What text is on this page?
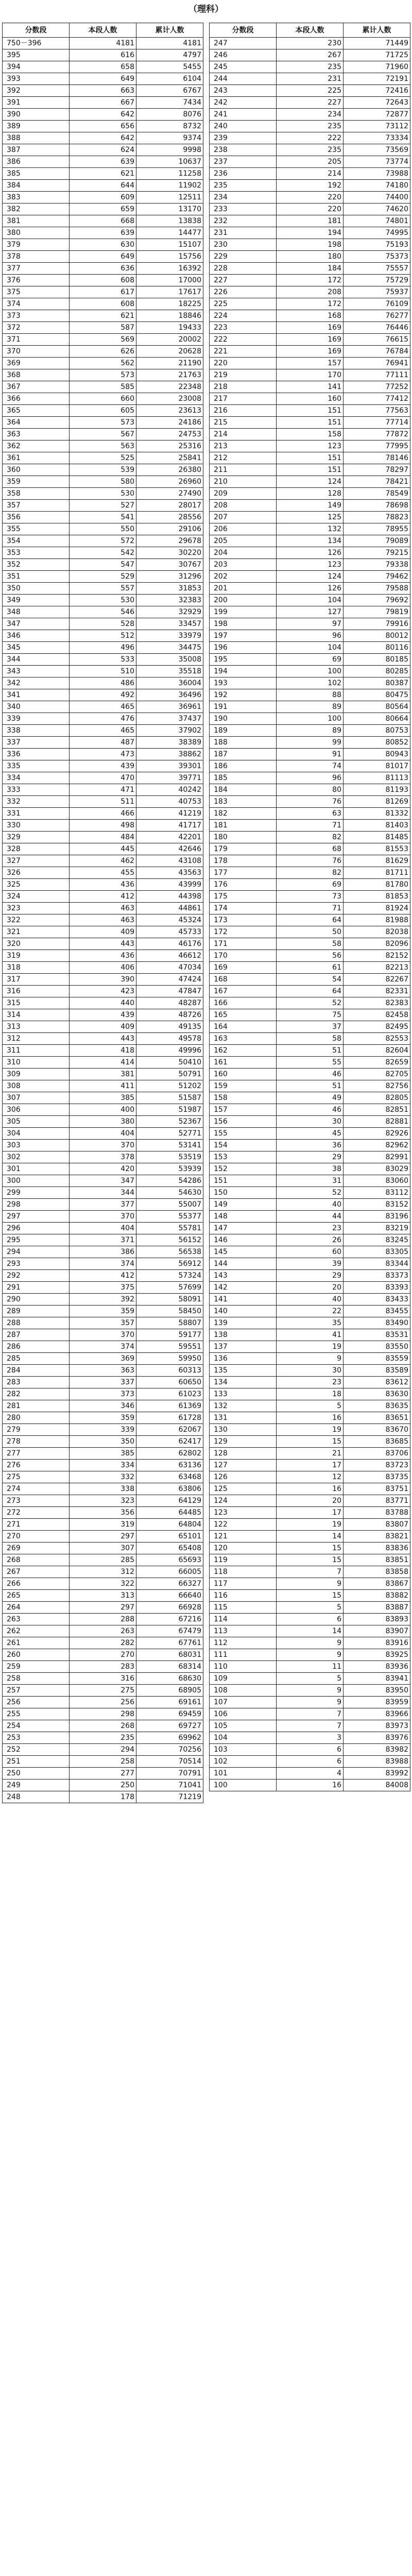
（理科）
分数段	本段人数	累计人数
750－396	4181	4181
395	616	4797
394	658	5455
393	649	6104
392	663	6767
391	667	7434
390	642	8076
389	656	8732
388	642	9374
387	624	9998
386	639	10637
385	621	11258
384	644	11902
383	609	12511
382	659	13170
381	668	13838
380	639	14477
379	630	15107
378	649	15756
377	636	16392
376	608	17000
375	617	17617
374	608	18225
373	621	18846
372	587	19433
371	569	20002
370	626	20628
369	562	21190
368	573	21763
367	585	22348
366	660	23008
365	605	23613
364	573	24186
363	567	24753
362	563	25316
361	525	25841
360	539	26380
359	580	26960
358	530	27490
357	527	28017
356	541	28556
355	550	29106
354	572	29678
353	542	30220
352	547	30767
351	529	31296
350	557	31853
349	530	32383
348	546	32929
347	528	33457
346	512	33979
345	496	34475
344	533	35008
343	510	35518
342	486	36004
341	492	36496
340	465	36961
339	476	37437
338	465	37902
337	487	38389
336	473	38862
335	439	39301
334	470	39771
333	471	40242
332	511	40753
331	466	41219
330	498	41717
329	484	42201
328	445	42646
327	462	43108
326	455	43563
325	436	43999
324	412	44398
323	463	44861
322	463	45324
321	409	45733
320	443	46176
319	436	46612
318	406	47034
317	390	47424
316	423	47847
315	440	48287
314	439	48726
313	409	49135
312	443	49578
311	418	49996
310	414	50410
309	381	50791
308	411	51202
307	385	51587
306	400	51987
305	380	52367
304	404	52771
303	370	53141
302	378	53519
301	420	53939
300	347	54286
299	344	54630
298	377	55007
297	370	55377
296	404	55781
295	371	56152
294	386	56538
293	374	56912
292	412	57324
291	375	57699
290	392	58091
289	359	58450
288	357	58807
287	370	59177
286	374	59551
285	369	59950
284	363	60313
283	337	60650
282	373	61023
281	346	61369
280	359	61728
279	339	62067
278	350	62417
277	385	62802
276	334	63136
275	332	63468
274	338	63806
273	323	64129
272	356	64485
271	319	64804
270	297	65101
269	307	65408
268	285	65693
267	312	66005
266	322	66327
265	313	66640
264	297	66928
263	288	67216
262	263	67479
261	282	67761
260	270	68031
259	283	68314
258	316	68630
257	275	68905
256	256	69161
255	298	69459
254	268	69727
253	235	69962
252	294	70256
251	258	70514
250	277	70791
249	250	71041
248	178	71219
分数段	本段人数	累计人数
247	230	71449
246	267	71725
245	235	71960
244	231	72191
243	225	72416
242	227	72643
241	234	72877
240	235	73112
239	222	73334
238	235	73569
237	205	73774
236	214	73988
235	192	74180
234	220	74400
233	220	74620
232	181	74801
231	194	74995
230	198	75193
229	180	75373
228	184	75557
227	172	75729
226	208	75937
225	172	76109
224	168	76277
223	169	76446
222	169	76615
221	169	76784
220	157	76941
219	170	77111
218	141	77252
217	160	77412
216	151	77563
215	151	77714
214	158	77872
213	123	77995
212	151	78146
211	151	78297
210	124	78421
209	128	78549
208	149	78698
207	125	78823
206	132	78955
205	134	79089
204	126	79215
203	123	79338
202	124	79462
201	126	79588
200	104	79692
199	127	79819
198	97	79916
197	96	80012
196	104	80116
195	69	80185
194	100	80285
193	102	80387
192	88	80475
191	89	80564
190	100	80664
189	89	80753
188	99	80852
187	91	80943
186	74	81017
185	96	81113
184	80	81193
183	76	81269
182	63	81332
181	71	81403
180	82	81485
179	68	81553
178	76	81629
177	82	81711
176	69	81780
175	73	81853
174	71	81924
173	64	81988
172	50	82038
171	58	82096
170	56	82152
169	61	82213
168	54	82267
167	64	82331
166	52	82383
165	75	82458
164	37	82495
163	58	82553
162	51	82604
161	55	82659
160	46	82705
159	51	82756
158	49	82805
157	46	82851
156	30	82881
155	45	82926
154	36	82962
153	29	82991
152	38	83029
151	31	83060
150	52	83112
149	40	83152
148	44	83196
147	23	83219
146	26	83245
145	60	83305
144	39	83344
143	29	83373
142	20	83393
141	40	83433
140	22	83455
139	35	83490
138	41	83531
137	19	83550
136	9	83559
135	30	83589
134	23	83612
133	18	83630
132	5	83635
131	16	83651
130	19	83670
129	15	83685
128	21	83706
127	17	83723
126	12	83735
125	16	83751
124	20	83771
123	17	83788
122	19	83807
121	14	83821
120	15	83836
119	15	83851
118	7	83858
117	9	83867
116	15	83882
115	5	83887
114	6	83893
113	14	83907
112	9	83916
111	9	83925
110	11	83936
109	5	83941
108	9	83950
107	9	83959
106	7	83966
105	7	83973
104	3	83976
103	6	83982
102	6	83988
101	4	83992
100	16	84008
